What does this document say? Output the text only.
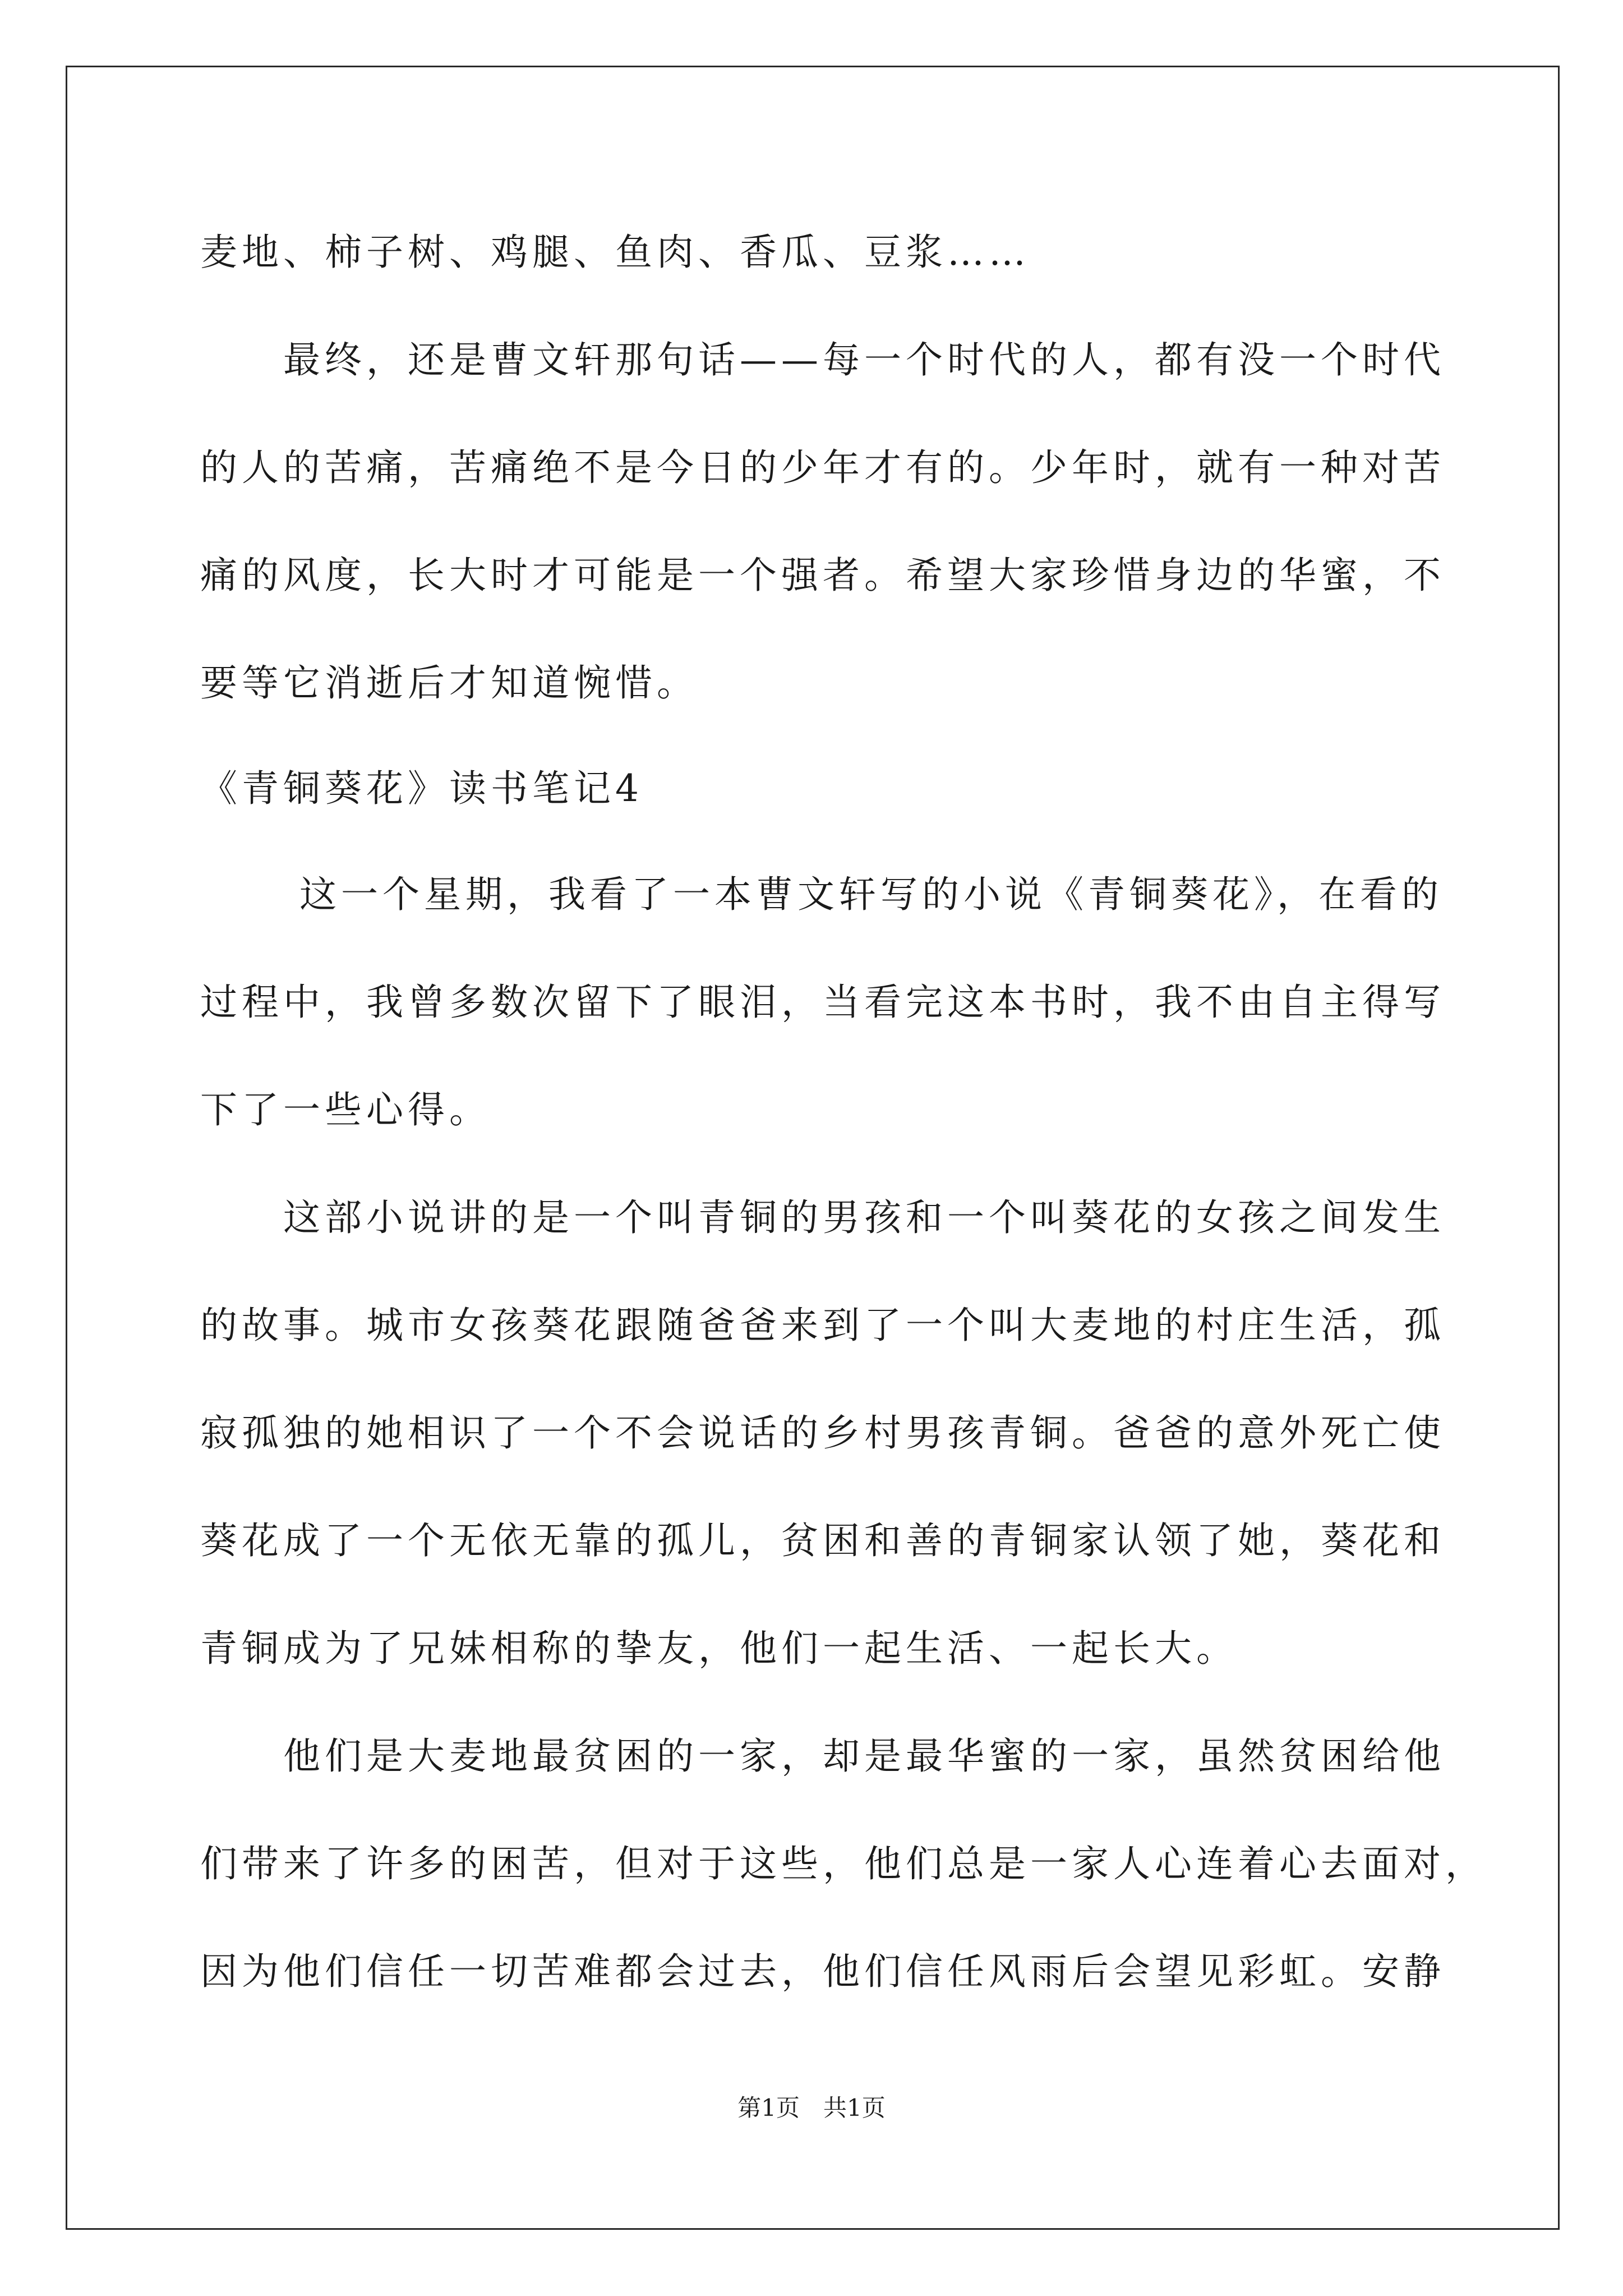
麦地、柿子树、鸡腿、鱼肉、香瓜、豆浆……
　　最终，还是曹文轩那句话——每一个时代的人，都有没一个时代
的人的苦痛，苦痛绝不是今日的少年才有的。少年时，就有一种对苦
痛的风度，长大时才可能是一个强者。希望大家珍惜身边的华蜜，不
要等它消逝后才知道惋惜。
《青铜葵花》读书笔记4
　　 这一个星期，我看了一本曹文轩写的小说《青铜葵花》，在看的
过程中，我曾多数次留下了眼泪，当看完这本书时，我不由自主得写
下了一些心得。
　　这部小说讲的是一个叫青铜的男孩和一个叫葵花的女孩之间发生
的故事。城市女孩葵花跟随爸爸来到了一个叫大麦地的村庄生活，孤
寂孤独的她相识了一个不会说话的乡村男孩青铜。爸爸的意外死亡使
葵花成了一个无依无靠的孤儿，贫困和善的青铜家认领了她，葵花和
青铜成为了兄妹相称的挚友，他们一起生活、一起长大。
　　他们是大麦地最贫困的一家，却是最华蜜的一家，虽然贫困给他
们带来了许多的困苦，但对于这些，他们总是一家人心连着心去面对，
因为他们信任一切苦难都会过去，他们信任风雨后会望见彩虹。安静
第1页　共1页
